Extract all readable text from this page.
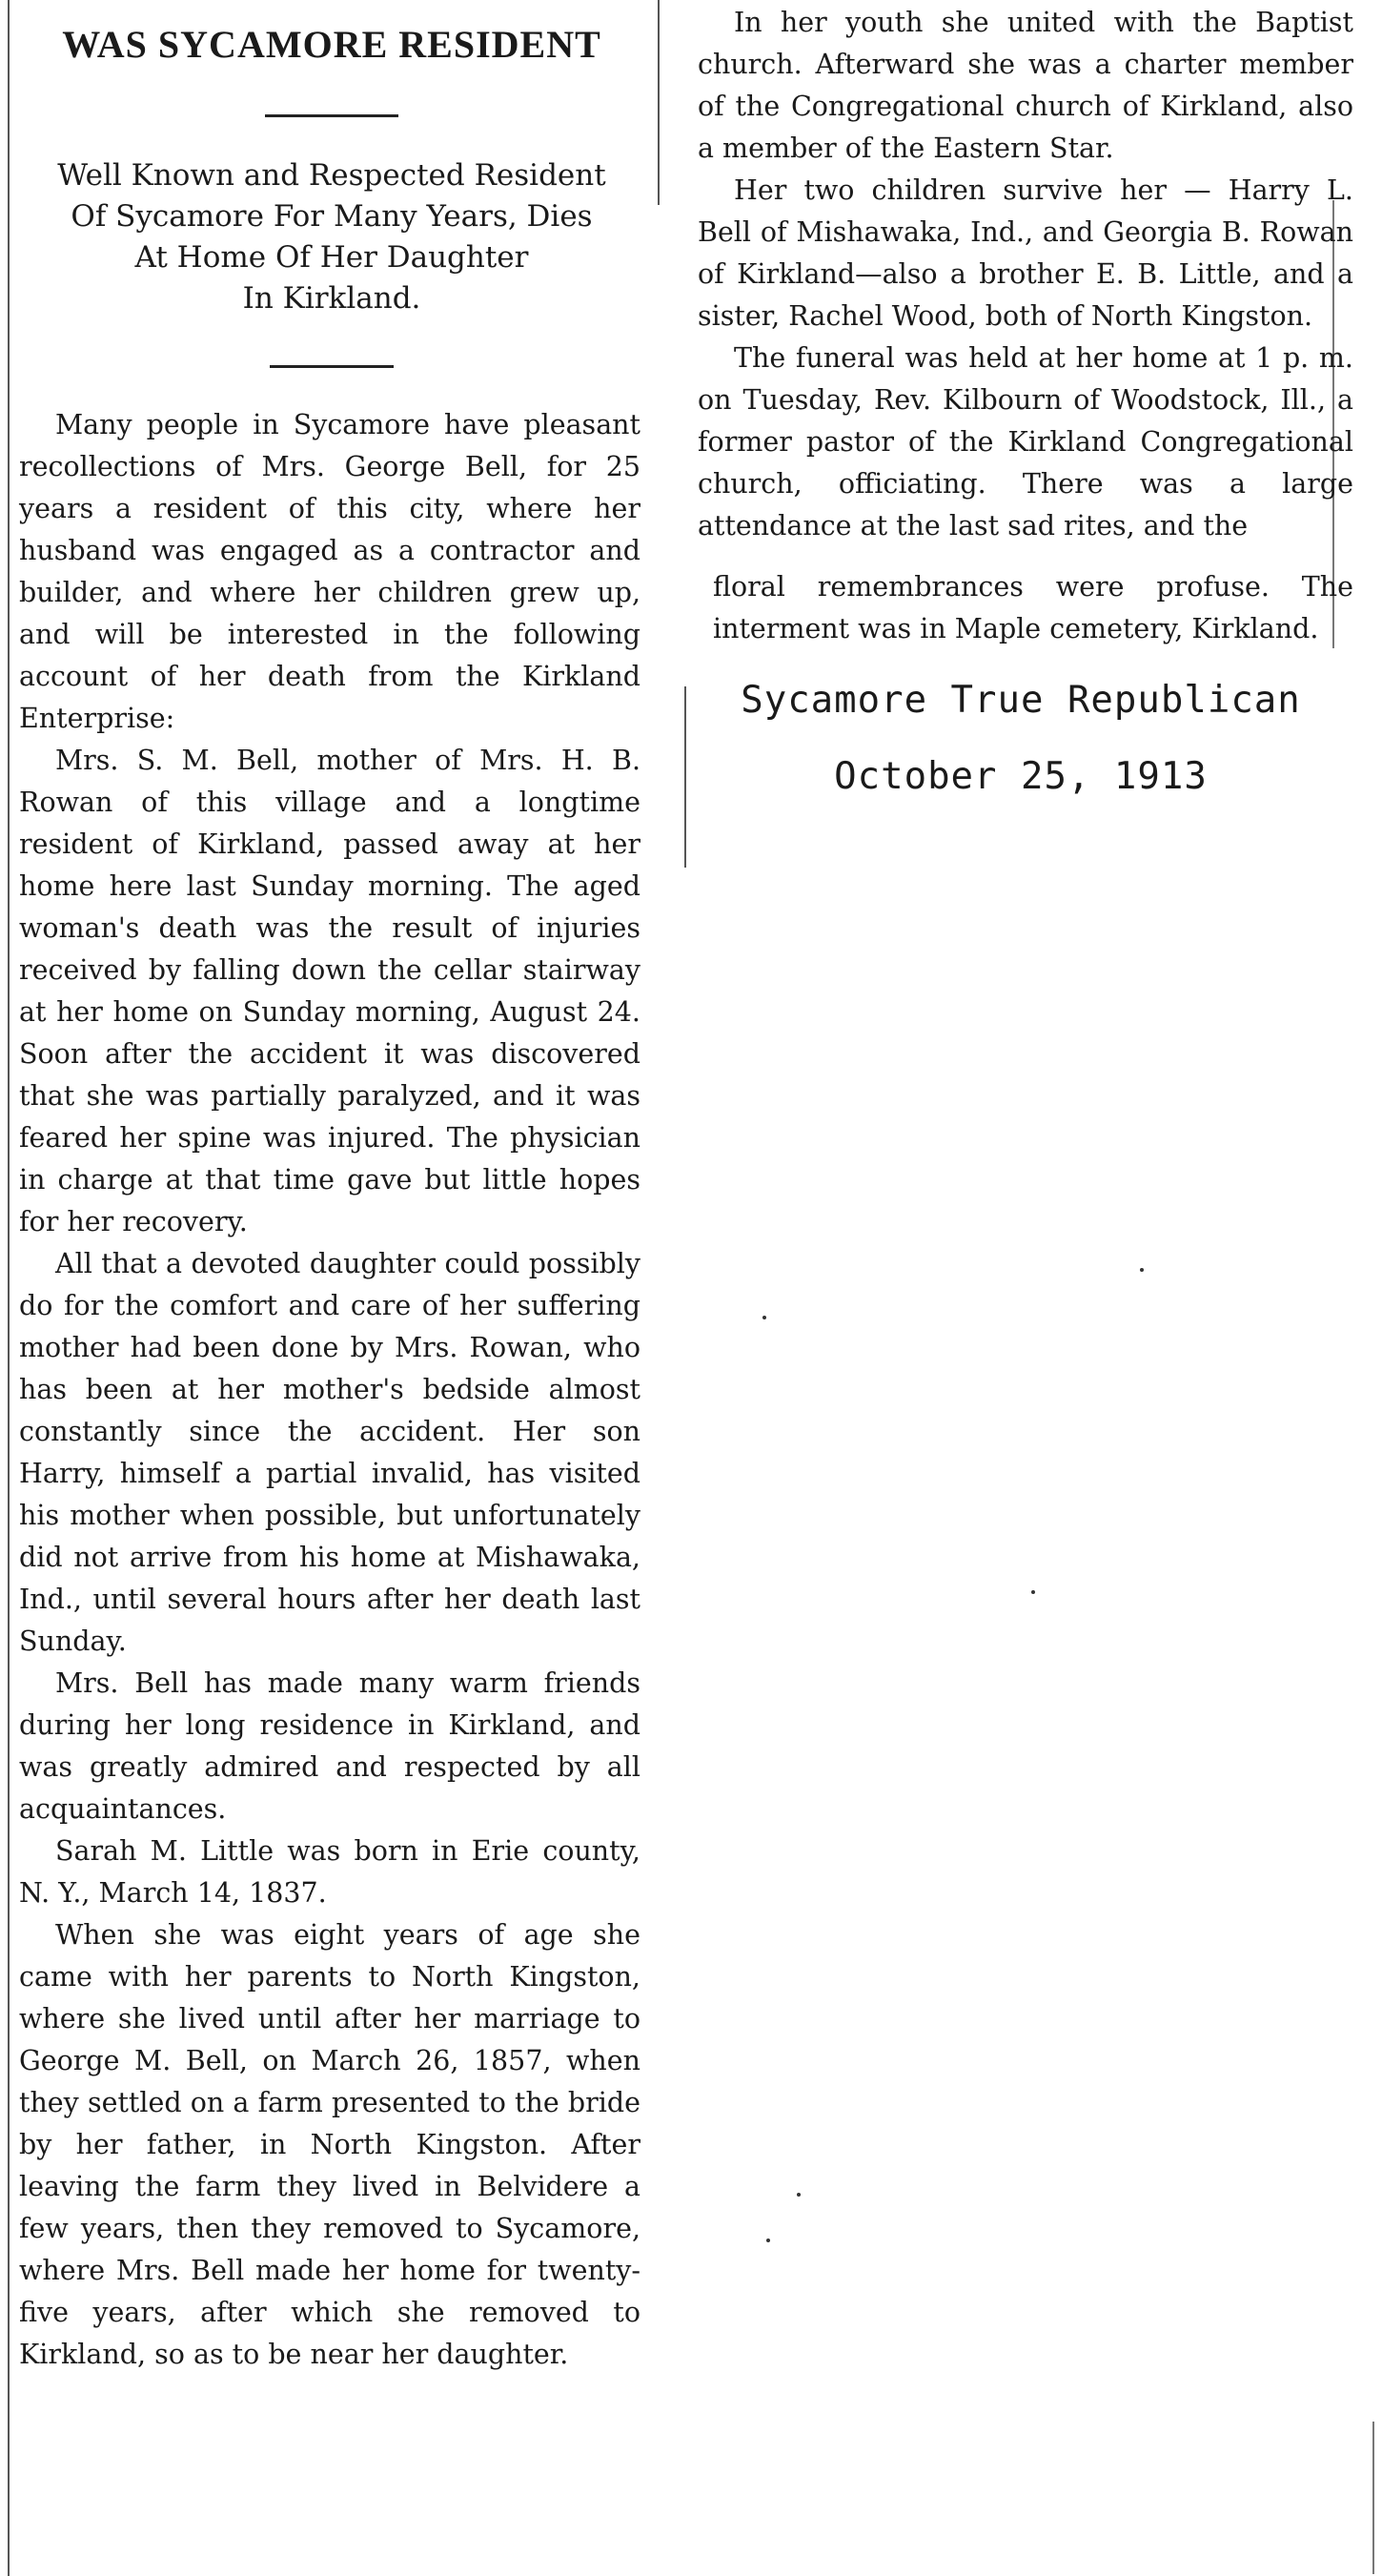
WAS SYCAMORE RESIDENT
Well Known and Respected Resident
Of Sycamore For Many Years, Dies
At Home Of Her Daughter
In Kirkland.

Many people in Sycamore have pleasant recollections of Mrs. George Bell, for 25 years a resident of this city, where her husband was engaged as a contractor and builder, and where her children grew up, and will be interested in the following account of her death from the Kirkland Enterprise:

Mrs. S. M. Bell, mother of Mrs. H. B. Rowan of this village and a longtime resident of Kirkland, passed away at her home here last Sunday morning. The aged woman's death was the result of injuries received by falling down the cellar stairway at her home on Sunday morning, August 24. Soon after the accident it was discovered that she was partially paralyzed, and it was feared her spine was injured. The physician in charge at that time gave but little hopes for her recovery.

All that a devoted daughter could possibly do for the comfort and care of her suffering mother had been done by Mrs. Rowan, who has been at her mother's bedside almost constantly since the accident. Her son Harry, himself a partial invalid, has visited his mother when possible, but unfortunately did not arrive from his home at Mishawaka, Ind., until several hours after her death last Sunday.

Mrs. Bell has made many warm friends during her long residence in Kirkland, and was greatly admired and respected by all acquaintances.

Sarah M. Little was born in Erie county, N. Y., March 14, 1837.

When she was eight years of age she came with her parents to North Kingston, where she lived until after her marriage to George M. Bell, on March 26, 1857, when they settled on a farm presented to the bride by her father, in North Kingston. After leaving the farm they lived in Belvidere a few years, then they removed to Sycamore, where Mrs. Bell made her home for twenty-five years, after which she removed to Kirkland, so as to be near her daughter.

In her youth she united with the Baptist church. Afterward she was a charter member of the Congregational church of Kirkland, also a member of the Eastern Star.

Her two children survive her — Harry L. Bell of Mishawaka, Ind., and Georgia B. Rowan of Kirkland—also a brother E. B. Little, and a sister, Rachel Wood, both of North Kingston.

The funeral was held at her home at 1 p. m. on Tuesday, Rev. Kilbourn of Woodstock, Ill., a former pastor of the Kirkland Congregational church, officiating. There was a large attendance at the last sad rites, and the

floral remembrances were profuse. The interment was in Maple cemetery, Kirkland.

Sycamore True Republican
October 25, 1913
